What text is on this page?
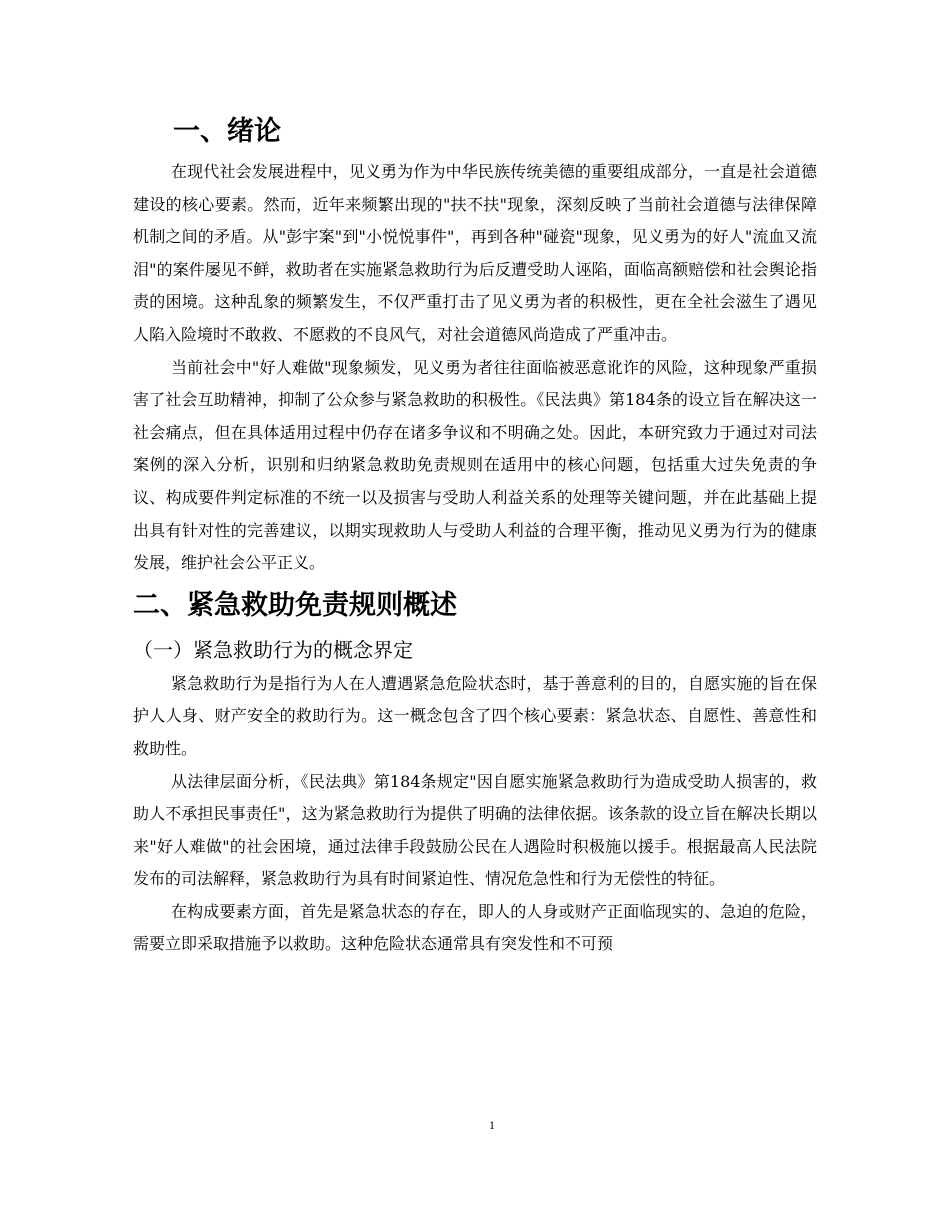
一、绪论

在现代社会发展进程中，见义勇为作为中华民族传统美德的重要组成部分，一直是社会道德建设的核心要素。然而，近年来频繁出现的"扶不扶"现象，深刻反映了当前社会道德与法律保障机制之间的矛盾。从"彭宇案"到"小悦悦事件"，再到各种"碰瓷"现象，见义勇为的好人"流血又流泪"的案件屡见不鲜，救助者在实施紧急救助行为后反遭受助人诬陷，面临高额赔偿和社会舆论指责的困境。这种乱象的频繁发生，不仅严重打击了见义勇为者的积极性，更在全社会滋生了遇见人陷入险境时不敢救、不愿救的不良风气，对社会道德风尚造成了严重冲击。

当前社会中"好人难做"现象频发，见义勇为者往往面临被恶意讹诈的风险，这种现象严重损害了社会互助精神，抑制了公众参与紧急救助的积极性。《民法典》第184条的设立旨在解决这一社会痛点，但在具体适用过程中仍存在诸多争议和不明确之处。因此，本研究致力于通过对司法案例的深入分析，识别和归纳紧急救助免责规则在适用中的核心问题，包括重大过失免责的争议、构成要件判定标准的不统一以及损害与受助人利益关系的处理等关键问题，并在此基础上提出具有针对性的完善建议，以期实现救助人与受助人利益的合理平衡，推动见义勇为行为的健康发展，维护社会公平正义。

二、紧急救助免责规则概述
（一）紧急救助行为的概念界定

紧急救助行为是指行为人在人遭遇紧急危险状态时，基于善意利的目的，自愿实施的旨在保护人人身、财产安全的救助行为。这一概念包含了四个核心要素：紧急状态、自愿性、善意性和救助性。

从法律层面分析，《民法典》第184条规定"因自愿实施紧急救助行为造成受助人损害的，救助人不承担民事责任"，这为紧急救助行为提供了明确的法律依据。该条款的设立旨在解决长期以来"好人难做"的社会困境，通过法律手段鼓励公民在人遇险时积极施以援手。根据最高人民法院发布的司法解释，紧急救助行为具有时间紧迫性、情况危急性和行为无偿性的特征。

在构成要素方面，首先是紧急状态的存在，即人的人身或财产正面临现实的、急迫的危险，需要立即采取措施予以救助。这种危险状态通常具有突发性和不可预

1
